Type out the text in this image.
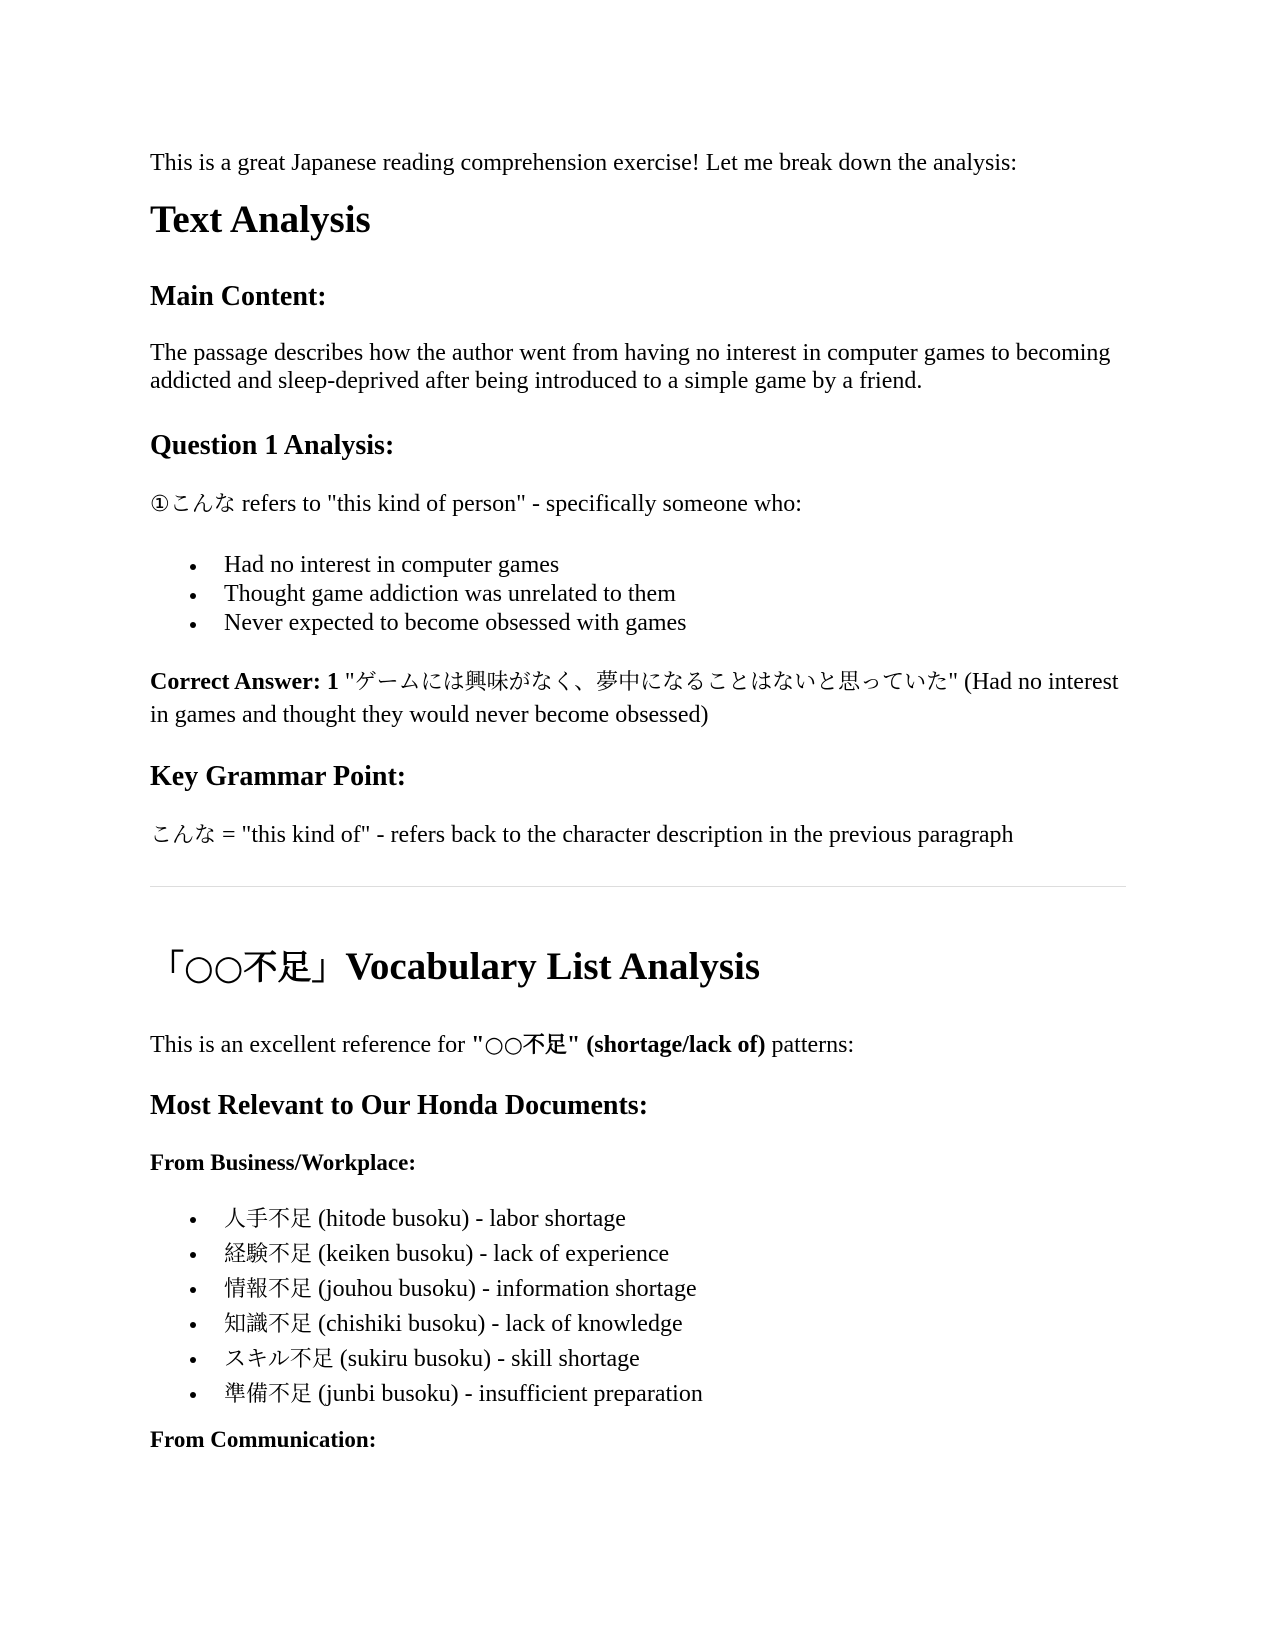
This is a great Japanese reading comprehension exercise! Let me break down the analysis:

Text Analysis
Main Content:

The passage describes how the author went from having no interest in computer games to becoming addicted and sleep-deprived after being introduced to a simple game by a friend.

Question 1 Analysis:

①こんな refers to "this kind of person" - specifically someone who:

Had no interest in computer games
Thought game addiction was unrelated to them
Never expected to become obsessed with games

Correct Answer: 1 "ゲームには興味がなく、夢中になることはないと思っていた" (Had no interest in games and thought they would never become obsessed)

Key Grammar Point:

こんな = "this kind of" - refers back to the character description in the previous paragraph

「○○不足」Vocabulary List Analysis

This is an excellent reference for "○○不足" (shortage/lack of) patterns:

Most Relevant to Our Honda Documents:
From Business/Workplace:
人手不足 (hitode busoku) - labor shortage
経験不足 (keiken busoku) - lack of experience
情報不足 (jouhou busoku) - information shortage
知識不足 (chishiki busoku) - lack of knowledge
スキル不足 (sukiru busoku) - skill shortage
準備不足 (junbi busoku) - insufficient preparation
From Communication:
